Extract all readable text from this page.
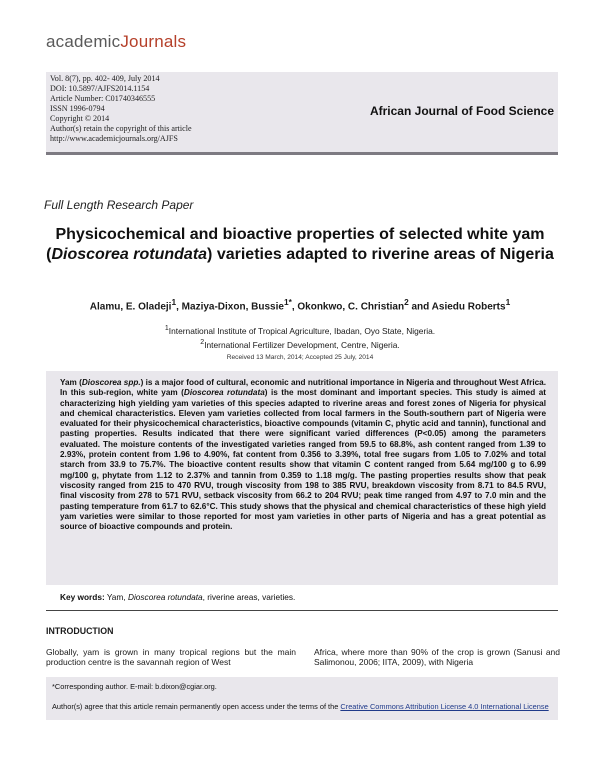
academicJournals
Vol. 8(7), pp. 402- 409, July 2014
DOI: 10.5897/AJFS2014.1154
Article Number: C01740346555
ISSN 1996-0794
Copyright © 2014
Author(s) retain the copyright of this article
http://www.academicjournals.org/AJFS
African Journal of Food Science
Full Length Research Paper
Physicochemical and bioactive properties of selected white yam (Dioscorea rotundata) varieties adapted to riverine areas of Nigeria
Alamu, E. Oladeji$^1$, Maziya-Dixon, Bussie$^{1*}$, Okonkwo, C. Christian$^2$ and Asiedu Roberts$^1$
$^1$International Institute of Tropical Agriculture, Ibadan, Oyo State, Nigeria.
$^2$International Fertilizer Development, Centre, Nigeria.
Received 13 March, 2014; Accepted 25 July, 2014
Yam (Dioscorea spp.) is a major food of cultural, economic and nutritional importance in Nigeria and throughout West Africa. In this sub-region, white yam (Dioscorea rotundata) is the most dominant and important species. This study is aimed at characterizing high yielding yam varieties of this species adapted to riverine areas and forest zones of Nigeria for physical and chemical characteristics. Eleven yam varieties collected from local farmers in the South-southern part of Nigeria were evaluated for their physicochemical characteristics, bioactive compounds (vitamin C, phytic acid and tannin), functional and pasting properties. Results indicated that there were significant varied differences (P<0.05) among the parameters evaluated. The moisture contents of the investigated varieties ranged from 59.5 to 68.8%, ash content ranged from 1.39 to 2.93%, protein content from 1.96 to 4.90%, fat content from 0.356 to 3.39%, total free sugars from 1.05 to 7.02% and total starch from 33.9 to 75.7%. The bioactive content results show that vitamin C content ranged from 5.64 mg/100 g to 6.99 mg/100 g, phytate from 1.12 to 2.37% and tannin from 0.359 to 1.18 mg/g. The pasting properties results show that peak viscosity ranged from 215 to 470 RVU, trough viscosity from 198 to 385 RVU, breakdown viscosity from 8.71 to 84.5 RVU, final viscosity from 278 to 571 RVU, setback viscosity from 66.2 to 204 RVU; peak time ranged from 4.97 to 7.0 min and the pasting temperature from 61.7 to 62.6°C. This study shows that the physical and chemical characteristics of these high yield yam varieties were similar to those reported for most yam varieties in other parts of Nigeria and has a great potential as source of bioactive compounds and protein.
Key words: Yam, Dioscorea rotundata, riverine areas, varieties.
INTRODUCTION
Globally, yam is grown in many tropical regions but the main production centre is the savannah region of West
Africa, where more than 90% of the crop is grown (Sanusi and Salimonou, 2006; IITA, 2009), with Nigeria
*Corresponding author. E-mail: b.dixon@cgiar.org.
Author(s) agree that this article remain permanently open access under the terms of the Creative Commons Attribution License 4.0 International License
